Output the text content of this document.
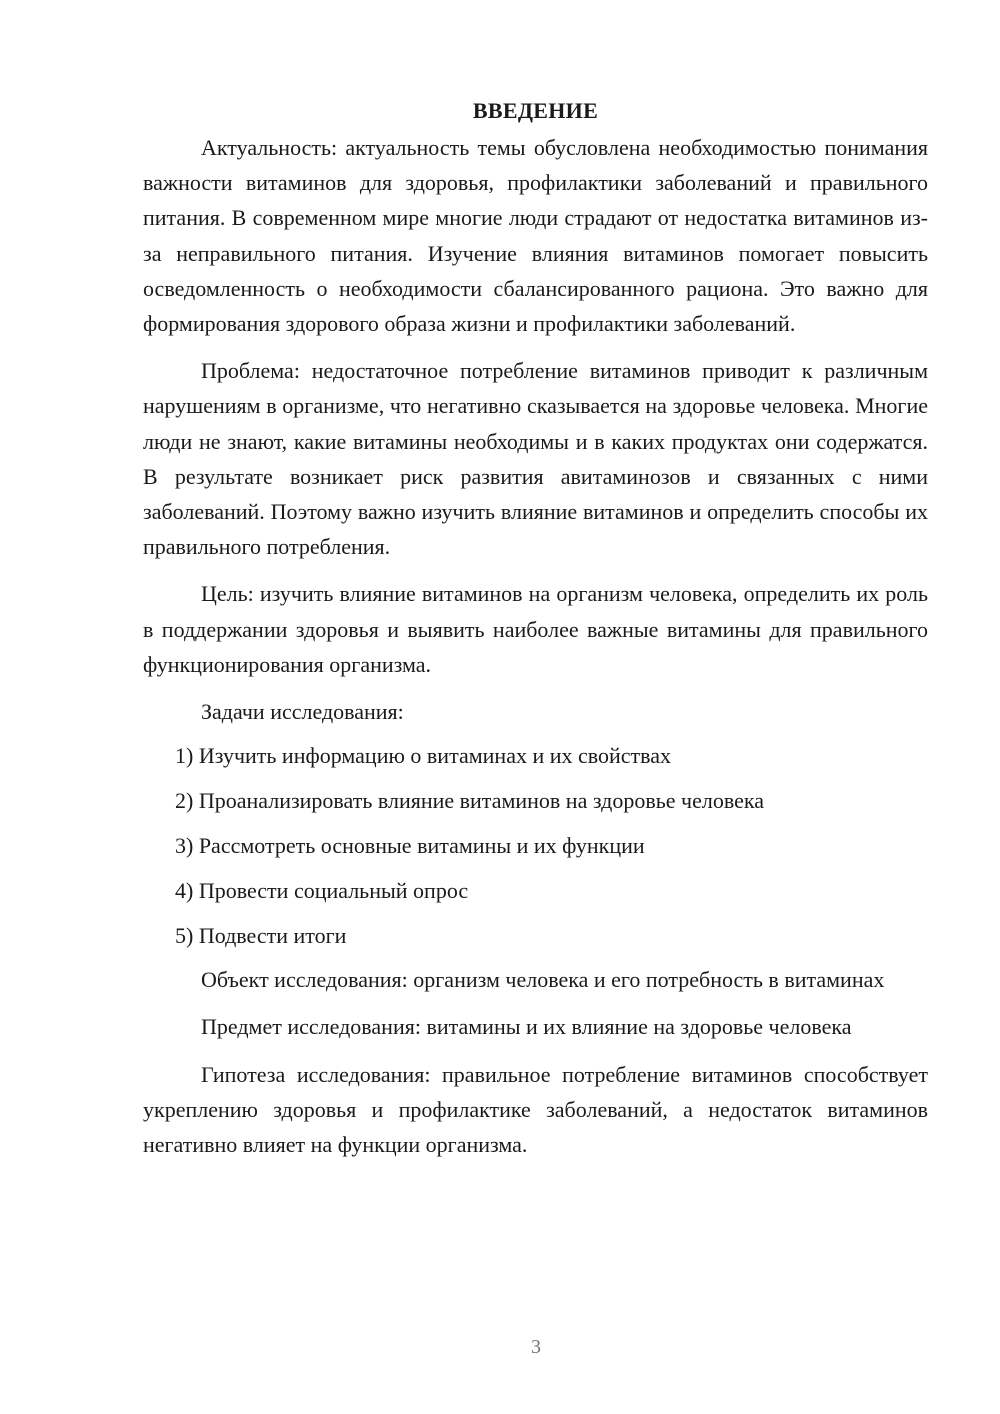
ВВЕДЕНИЕ

Актуальность: актуальность темы обусловлена необходимостью понимания важности витаминов для здоровья, профилактики заболеваний и правильного питания. В современном мире многие люди страдают от недостатка витаминов из-за неправильного питания. Изучение влияния витаминов помогает повысить осведомленность о необходимости сбалансированного рациона. Это важно для формирования здорового образа жизни и профилактики заболеваний.

Проблема: недостаточное потребление витаминов приводит к различным нарушениям в организме, что негативно сказывается на здоровье человека. Многие люди не знают, какие витамины необходимы и в каких продуктах они содержатся. В результате возникает риск развития авитаминозов и связанных с ними заболеваний. Поэтому важно изучить влияние витаминов и определить способы их правильного потребления.

Цель: изучить влияние витаминов на организм человека, определить их роль в поддержании здоровья и выявить наиболее важные витамины для правильного функционирования организма.

Задачи исследования:

1) Изучить информацию о витаминах и их свойствах
2) Проанализировать влияние витаминов на здоровье человека
3) Рассмотреть основные витамины и их функции
4) Провести социальный опрос
5) Подвести итоги

Объект исследования: организм человека и его потребность в витаминах

Предмет исследования: витамины и их влияние на здоровье человека

Гипотеза исследования: правильное потребление витаминов способствует укреплению здоровья и профилактике заболеваний, а недостаток витаминов негативно влияет на функции организма.

3
